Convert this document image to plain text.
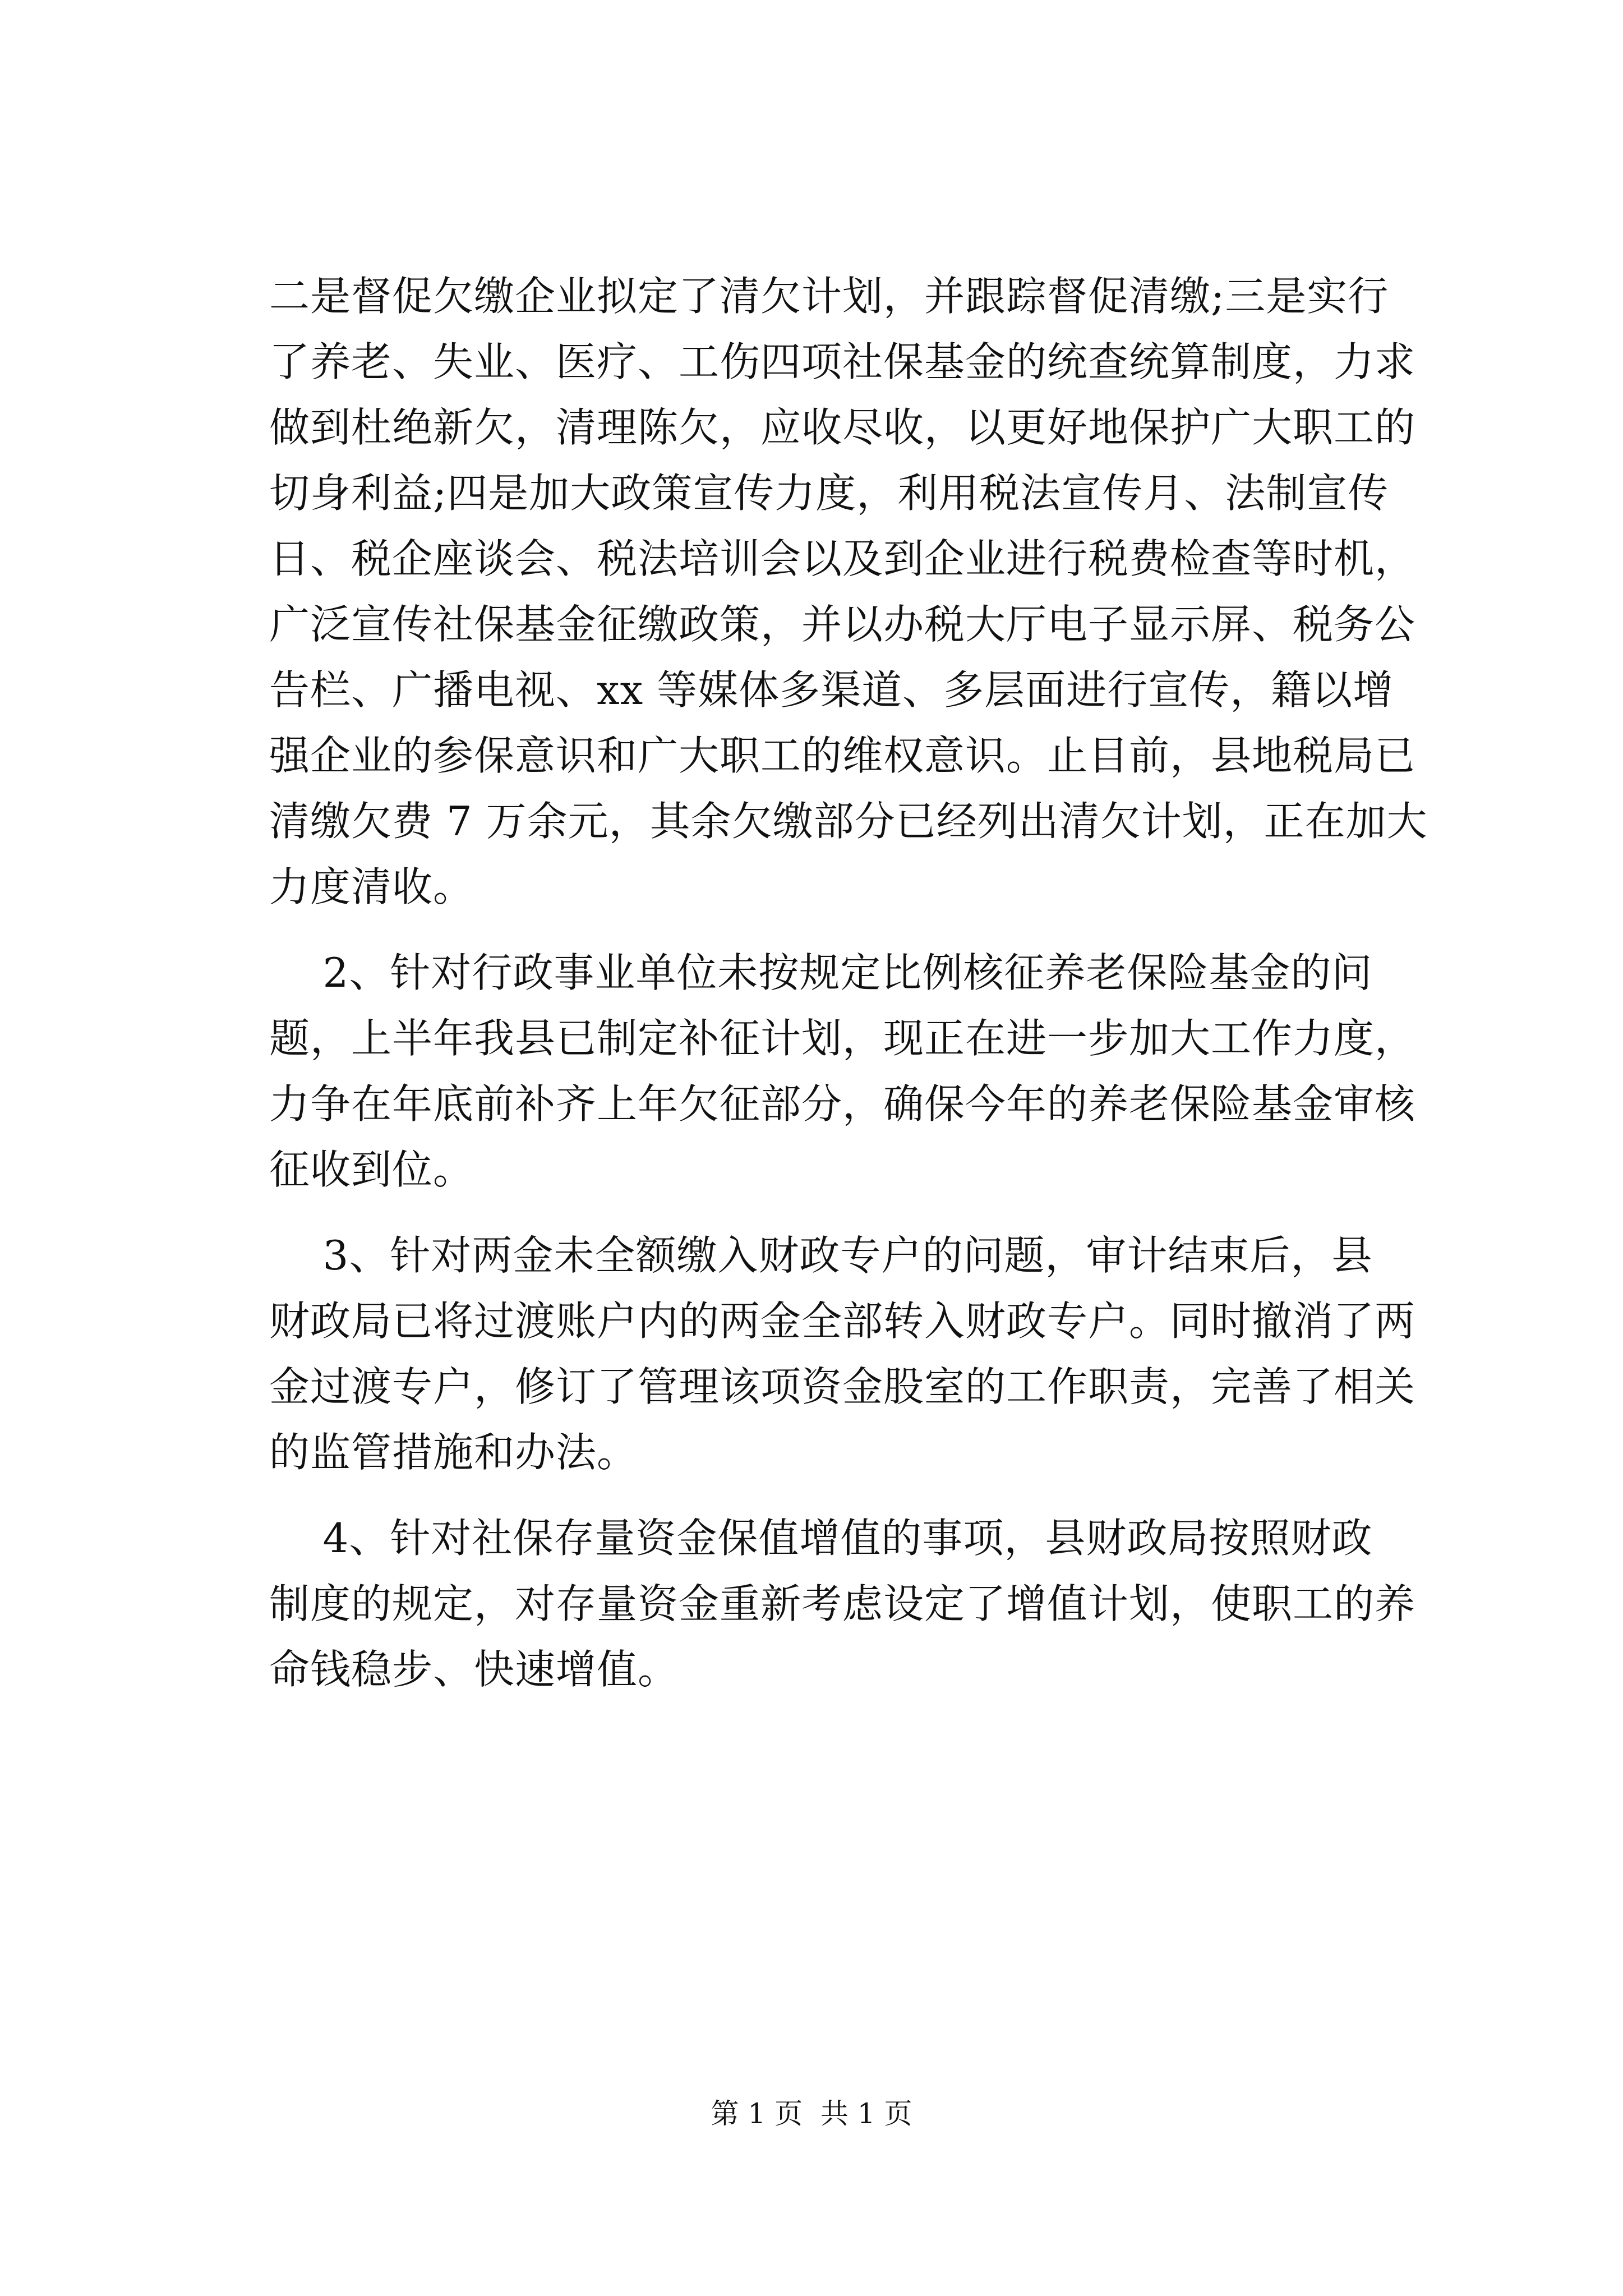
二是督促欠缴企业拟定了清欠计划，并跟踪督促清缴;三是实行
了养老、失业、医疗、工伤四项社保基金的统查统算制度，力求
做到杜绝新欠，清理陈欠，应收尽收，以更好地保护广大职工的
切身利益;四是加大政策宣传力度，利用税法宣传月、法制宣传
日、税企座谈会、税法培训会以及到企业进行税费检查等时机，
广泛宣传社保基金征缴政策，并以办税大厅电子显示屏、税务公
告栏、广播电视、xx 等媒体多渠道、多层面进行宣传，籍以增
强企业的参保意识和广大职工的维权意识。止目前，县地税局已
清缴欠费 7 万余元，其余欠缴部分已经列出清欠计划，正在加大
力度清收。
2、针对行政事业单位未按规定比例核征养老保险基金的问
题，上半年我县已制定补征计划，现正在进一步加大工作力度，
力争在年底前补齐上年欠征部分，确保今年的养老保险基金审核
征收到位。
3、针对两金未全额缴入财政专户的问题，审计结束后，县
财政局已将过渡账户内的两金全部转入财政专户。同时撤消了两
金过渡专户，修订了管理该项资金股室的工作职责，完善了相关
的监管措施和办法。
4、针对社保存量资金保值增值的事项，县财政局按照财政
制度的规定，对存量资金重新考虑设定了增值计划，使职工的养
命钱稳步、快速增值。
第 1 页  共 1 页
